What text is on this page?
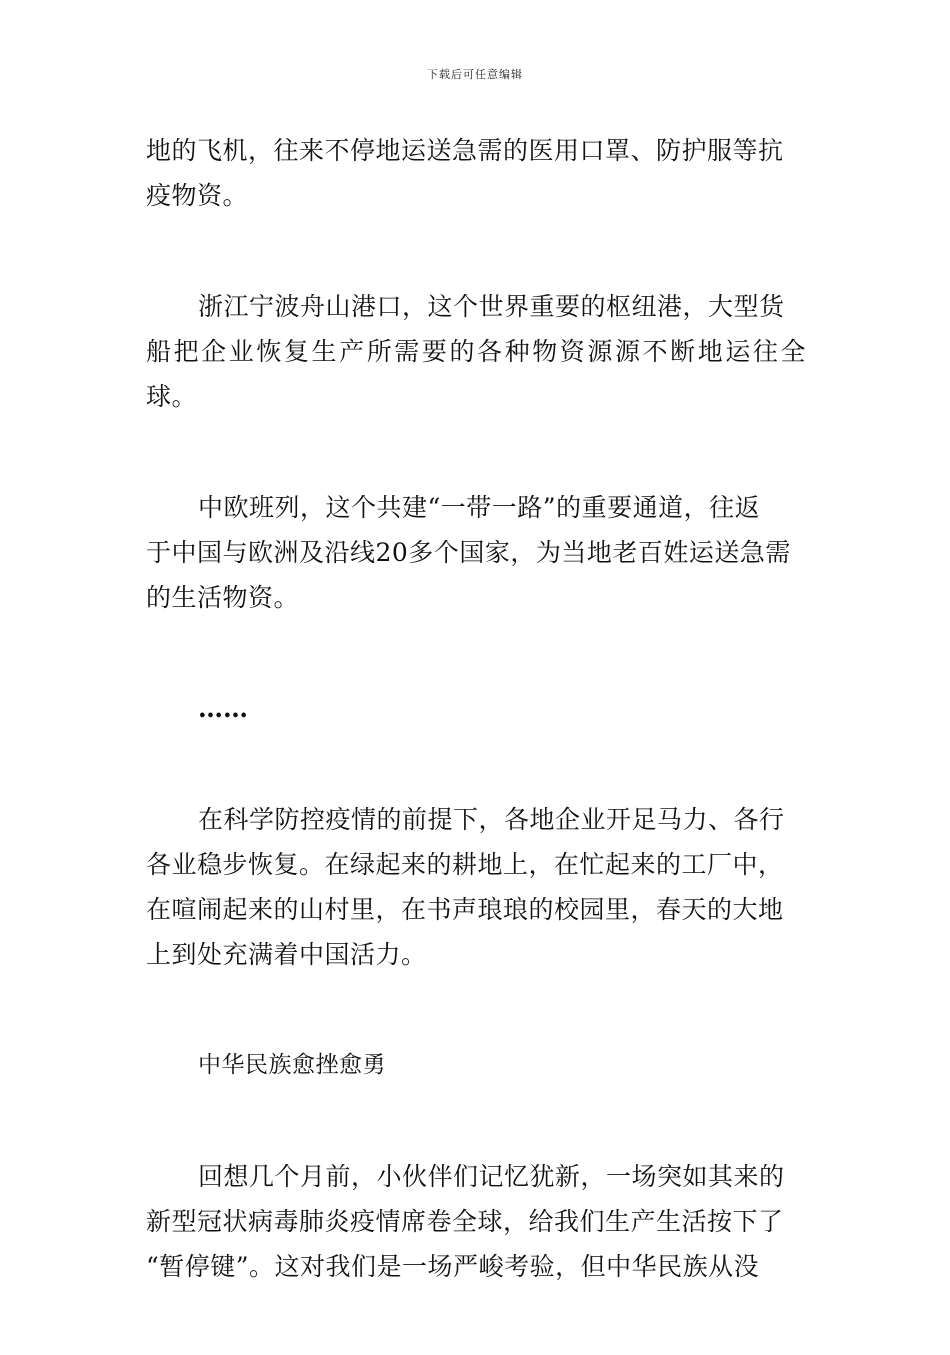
下载后可任意编辑

地的飞机，往来不停地运送急需的医用口罩、防护服等抗
疫物资。

浙江宁波舟山港口，这个世界重要的枢纽港，大型货
船把企业恢复生产所需要的各种物资源源不断地运往全球。

中欧班列，这个共建“一带一路”的重要通道，往返
于中国与欧洲及沿线20多个国家，为当地老百姓运送急需
的生活物资。

……

在科学防控疫情的前提下，各地企业开足马力、各行
各业稳步恢复。在绿起来的耕地上，在忙起来的工厂中，
在喧闹起来的山村里，在书声琅琅的校园里，春天的大地
上到处充满着中国活力。

中华民族愈挫愈勇

回想几个月前，小伙伴们记忆犹新，一场突如其来的
新型冠状病毒肺炎疫情席卷全球，给我们生产生活按下了
“暂停键”。这对我们是一场严峻考验，但中华民族从没
